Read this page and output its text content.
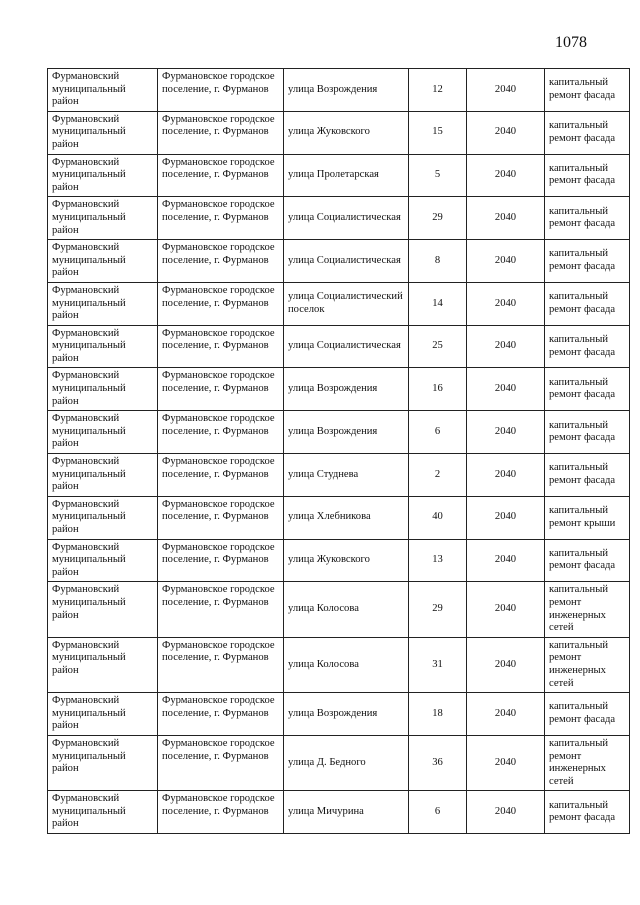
1078
Фурмановский муниципальный район	Фурмановское городское поселение, г. Фурманов	улица Возрождения	12	2040	капитальный ремонт фасада
Фурмановский муниципальный район	Фурмановское городское поселение, г. Фурманов	улица Жуковского	15	2040	капитальный ремонт фасада
Фурмановский муниципальный район	Фурмановское городское поселение, г. Фурманов	улица Пролетарская	5	2040	капитальный ремонт фасада
Фурмановский муниципальный район	Фурмановское городское поселение, г. Фурманов	улица Социалистическая	29	2040	капитальный ремонт фасада
Фурмановский муниципальный район	Фурмановское городское поселение, г. Фурманов	улица Социалистическая	8	2040	капитальный ремонт фасада
Фурмановский муниципальный район	Фурмановское городское поселение, г. Фурманов	улица Социалистический поселок	14	2040	капитальный ремонт фасада
Фурмановский муниципальный район	Фурмановское городское поселение, г. Фурманов	улица Социалистическая	25	2040	капитальный ремонт фасада
Фурмановский муниципальный район	Фурмановское городское поселение, г. Фурманов	улица Возрождения	16	2040	капитальный ремонт фасада
Фурмановский муниципальный район	Фурмановское городское поселение, г. Фурманов	улица Возрождения	6	2040	капитальный ремонт фасада
Фурмановский муниципальный район	Фурмановское городское поселение, г. Фурманов	улица Студнева	2	2040	капитальный ремонт фасада
Фурмановский муниципальный район	Фурмановское городское поселение, г. Фурманов	улица Хлебникова	40	2040	капитальный ремонт крыши
Фурмановский муниципальный район	Фурмановское городское поселение, г. Фурманов	улица Жуковского	13	2040	капитальный ремонт фасада
Фурмановский муниципальный район	Фурмановское городское поселение, г. Фурманов	улица Колосова	29	2040	капитальный ремонт инженерных сетей
Фурмановский муниципальный район	Фурмановское городское поселение, г. Фурманов	улица Колосова	31	2040	капитальный ремонт инженерных сетей
Фурмановский муниципальный район	Фурмановское городское поселение, г. Фурманов	улица Возрождения	18	2040	капитальный ремонт фасада
Фурмановский муниципальный район	Фурмановское городское поселение, г. Фурманов	улица Д. Бедного	36	2040	капитальный ремонт инженерных сетей
Фурмановский муниципальный район	Фурмановское городское поселение, г. Фурманов	улица Мичурина	6	2040	капитальный ремонт фасада
